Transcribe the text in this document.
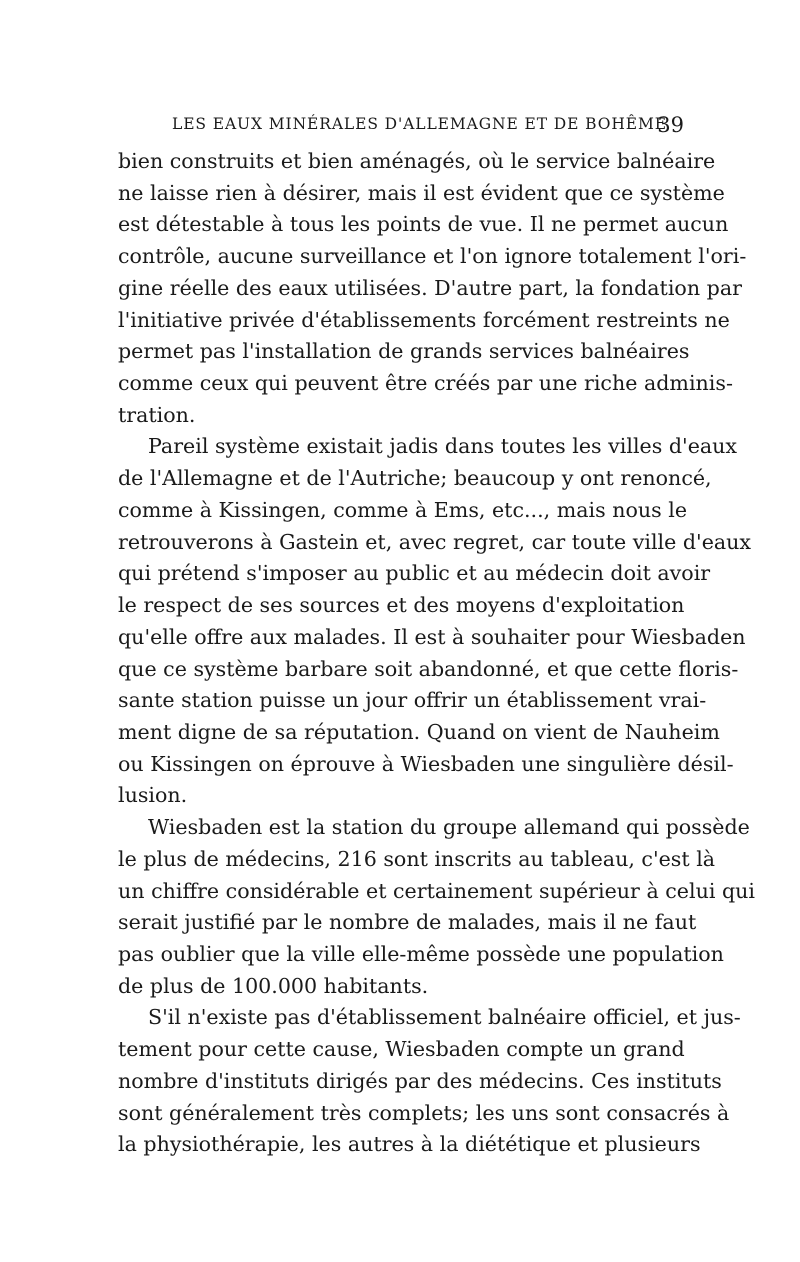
LES EAUX MINÉRALES D'ALLEMAGNE ET DE BOHÊME
39
bien construits et bien aménagés, où le service balnéaire
ne laisse rien à désirer, mais il est évident que ce système
est détestable à tous les points de vue. Il ne permet aucun
contrôle, aucune surveillance et l'on ignore totalement l'ori-
gine réelle des eaux utilisées. D'autre part, la fondation par
l'initiative privée d'établissements forcément restreints ne
permet pas l'installation de grands services balnéaires
comme ceux qui peuvent être créés par une riche adminis-
tration.
Pareil système existait jadis dans toutes les villes d'eaux
de l'Allemagne et de l'Autriche; beaucoup y ont renoncé,
comme à Kissingen, comme à Ems, etc..., mais nous le
retrouverons à Gastein et, avec regret, car toute ville d'eaux
qui prétend s'imposer au public et au médecin doit avoir
le respect de ses sources et des moyens d'exploitation
qu'elle offre aux malades. Il est à souhaiter pour Wiesbaden
que ce système barbare soit abandonné, et que cette floris-
sante station puisse un jour offrir un établissement vrai-
ment digne de sa réputation. Quand on vient de Nauheim
ou Kissingen on éprouve à Wiesbaden une singulière désil-
lusion.
Wiesbaden est la station du groupe allemand qui possède
le plus de médecins, 216 sont inscrits au tableau, c'est là
un chiffre considérable et certainement supérieur à celui qui
serait justifié par le nombre de malades, mais il ne faut
pas oublier que la ville elle-même possède une population
de plus de 100.000 habitants.
S'il n'existe pas d'établissement balnéaire officiel, et jus-
tement pour cette cause, Wiesbaden compte un grand
nombre d'instituts dirigés par des médecins. Ces instituts
sont généralement très complets; les uns sont consacrés à
la physiothérapie, les autres à la diététique et plusieurs
